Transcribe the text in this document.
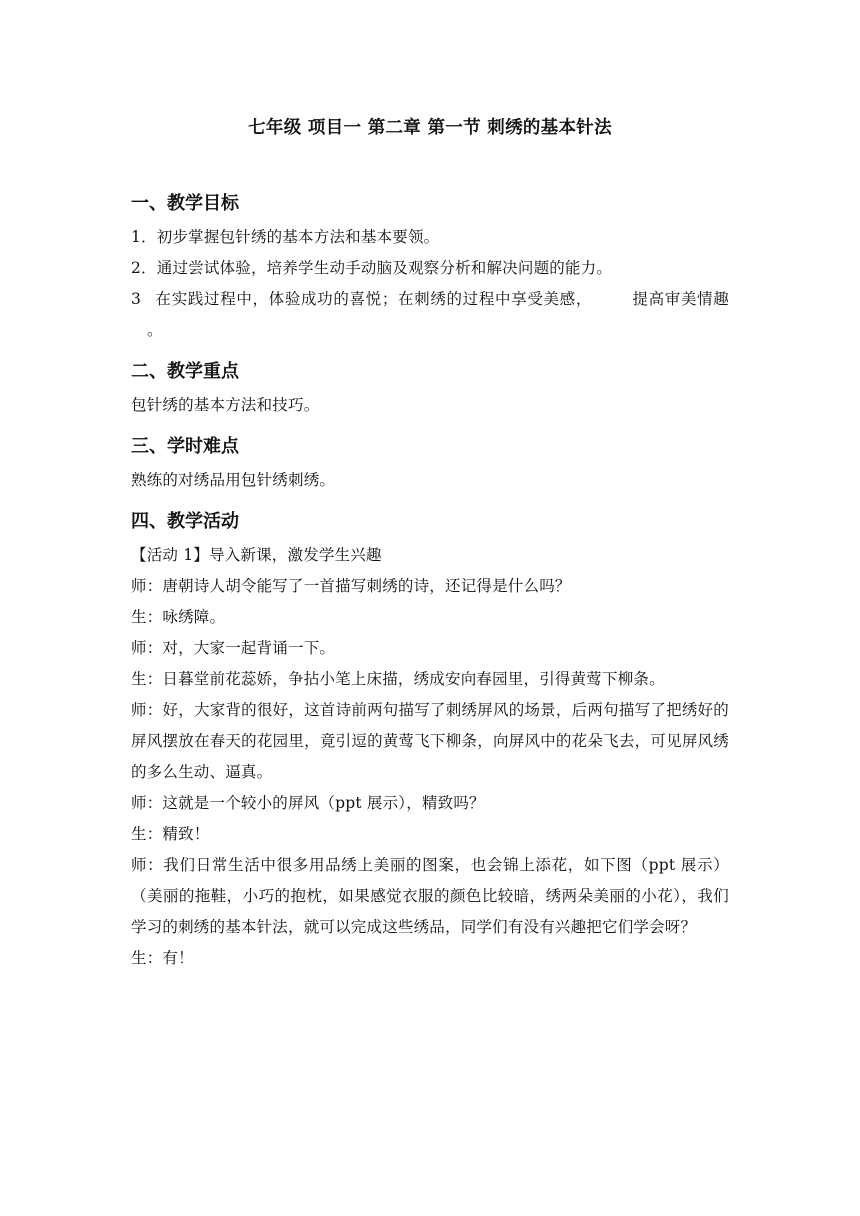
七年级 项目一 第二章 第一节 刺绣的基本针法
一、教学目标

1．初步掌握包针绣的基本方法和基本要领。

2．通过尝试体验，培养学生动手动脑及观察分析和解决问题的能力。

3 在实践过程中，体验成功的喜悦；在刺绣的过程中享受美感，	提高审美情趣。

二、教学重点

包针绣的基本方法和技巧。

三、学时难点

熟练的对绣品用包针绣刺绣。

四、教学活动

【活动 1】导入新课，激发学生兴趣

师：唐朝诗人胡令能写了一首描写刺绣的诗，还记得是什么吗？

生：咏绣障。

师：对，大家一起背诵一下。

生：日暮堂前花蕊娇，争拈小笔上床描，绣成安向春园里，引得黄莺下柳条。

师：好，大家背的很好，这首诗前两句描写了刺绣屏风的场景，后两句描写了把绣好的屏风摆放在春天的花园里，竟引逗的黄莺飞下柳条，向屏风中的花朵飞去，可见屏风绣的多么生动、逼真。

师：这就是一个较小的屏风（ppt 展示），精致吗？

生：精致！

师：我们日常生活中很多用品绣上美丽的图案，也会锦上添花，如下图（ppt 展示）（美丽的拖鞋，小巧的抱枕，如果感觉衣服的颜色比较暗，绣两朵美丽的小花），我们学习的刺绣的基本针法，就可以完成这些绣品，同学们有没有兴趣把它们学会呀？

生：有！
